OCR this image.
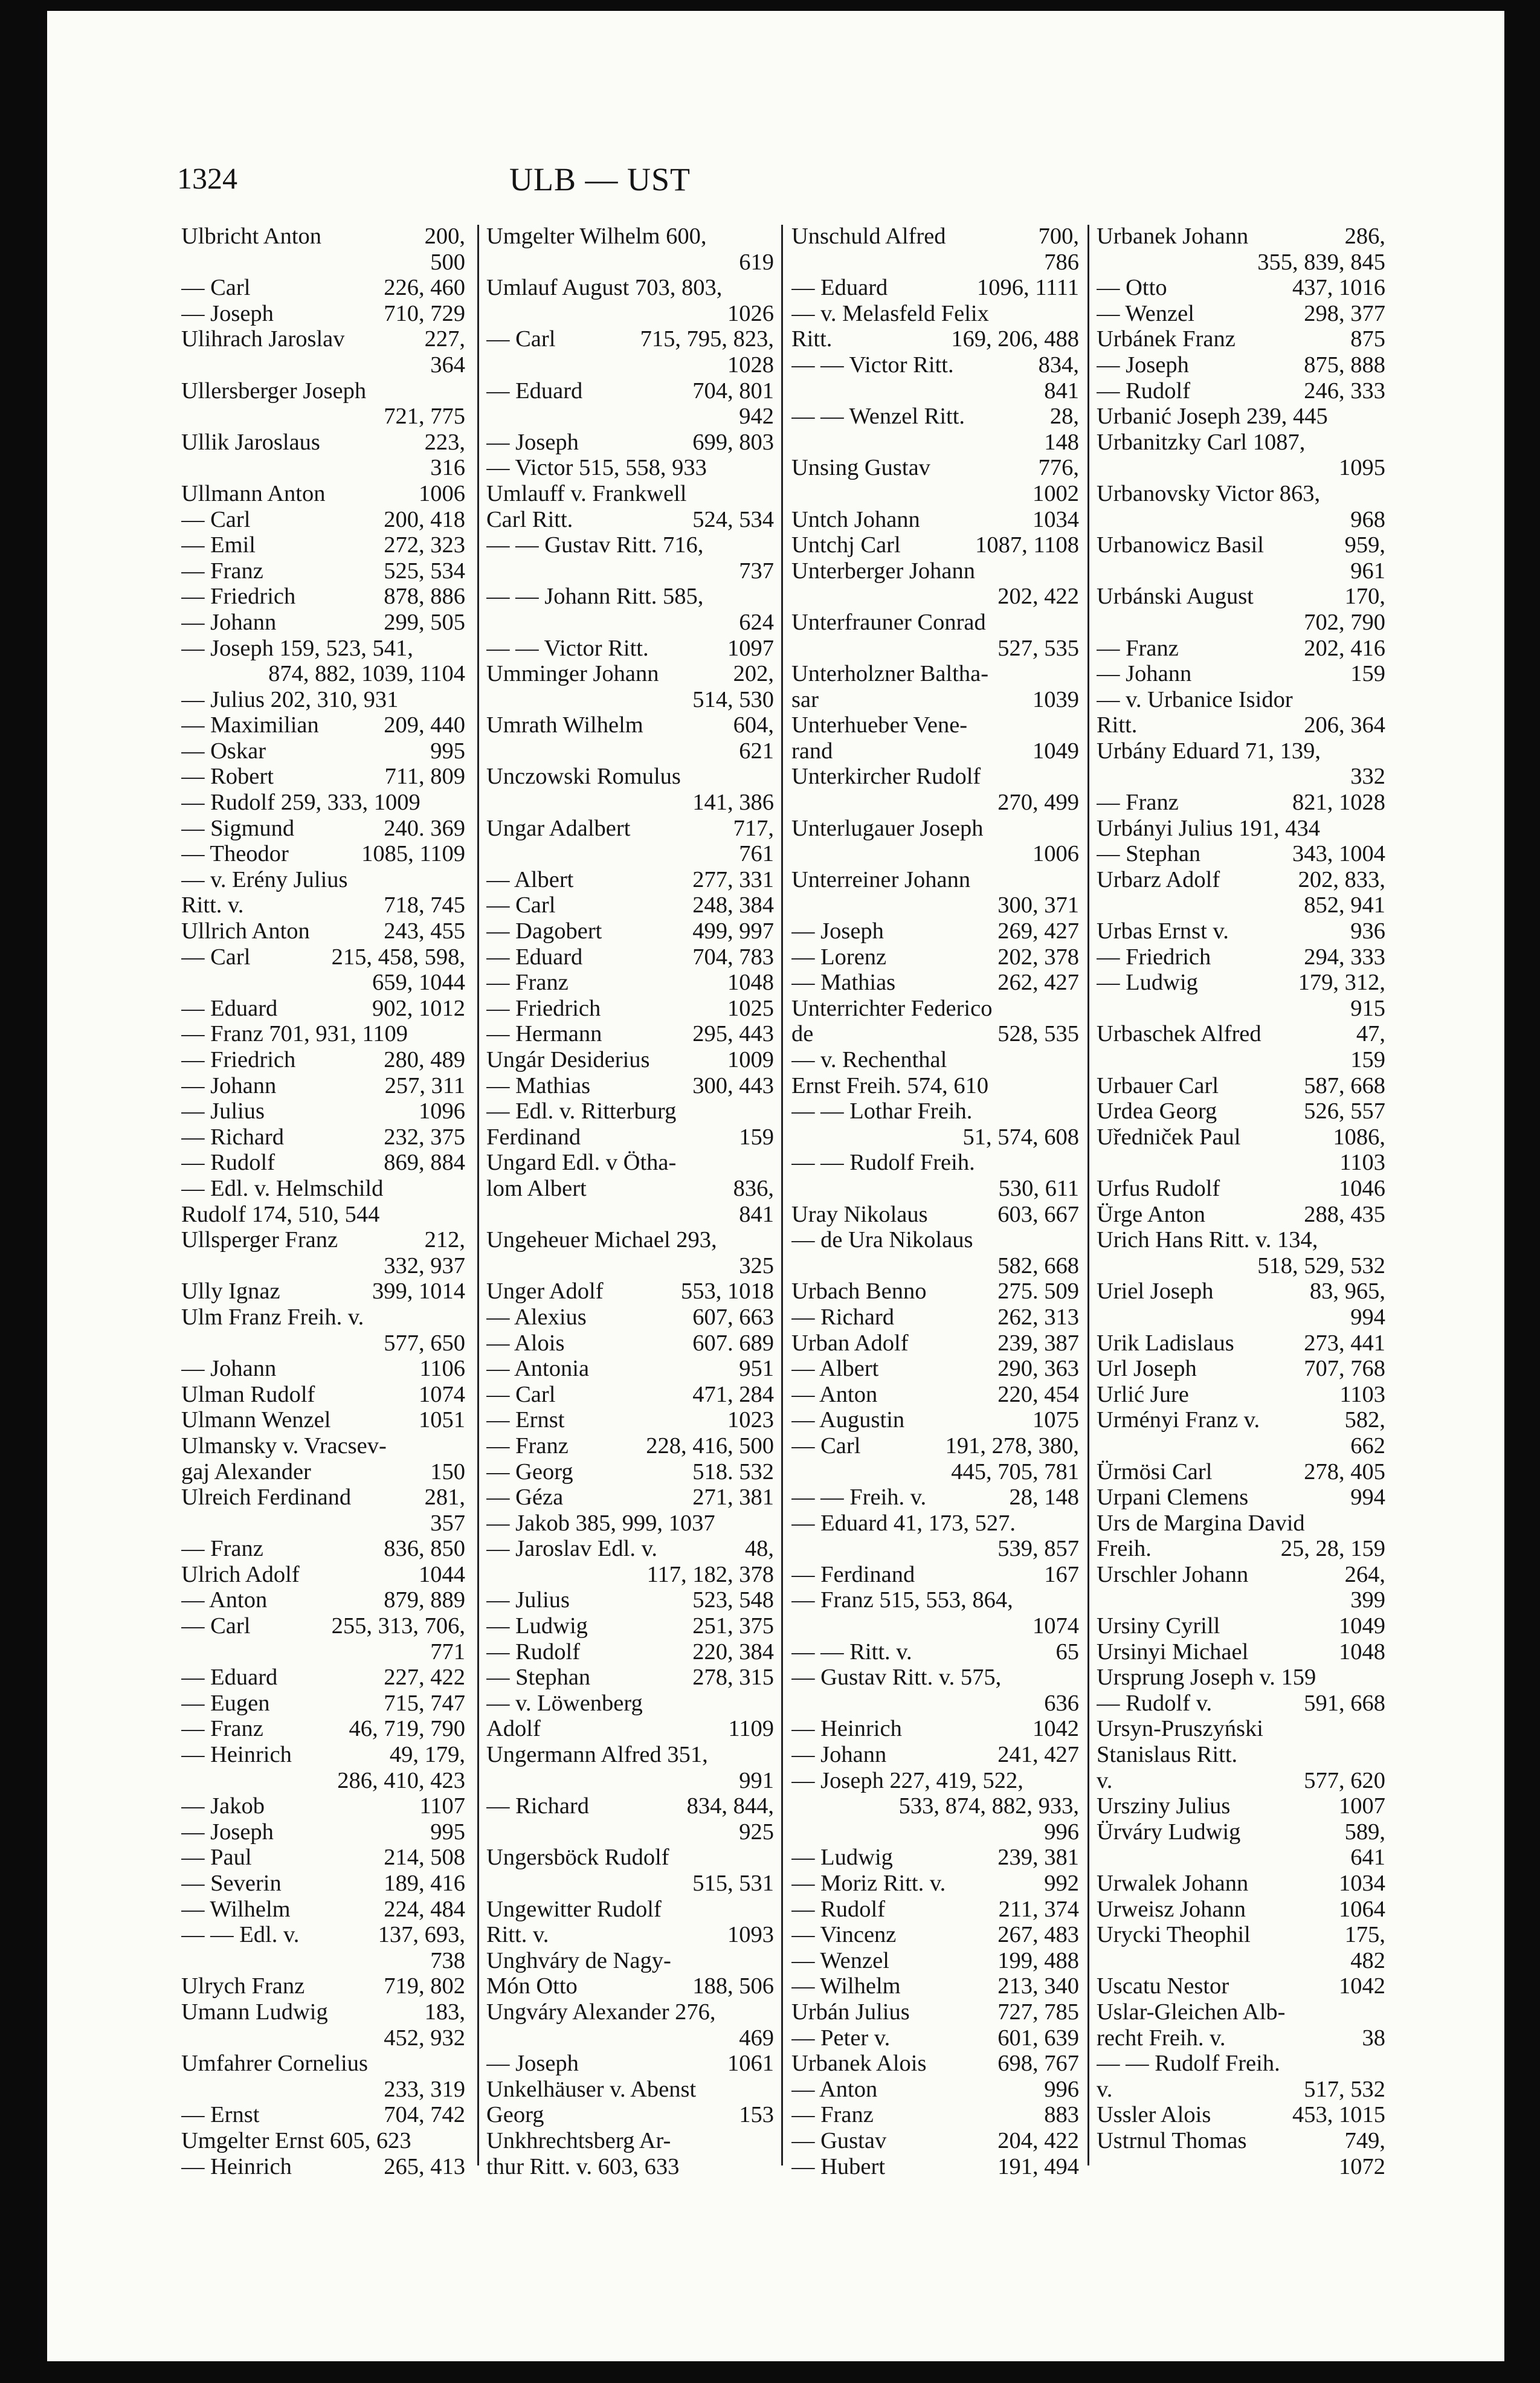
1324	ULB — UST
Ulbricht Anton	200,
500
— Carl	226, 460
— Joseph	710, 729
Ulihrach Jaroslav	227,
364
Ullersberger Joseph
721, 775
Ullik Jaroslaus	223,
316
Ullmann Anton	1006
— Carl	200, 418
— Emil	272, 323
— Franz	525, 534
— Friedrich	878, 886
— Johann	299, 505
— Joseph 159, 523, 541,
874, 882, 1039, 1104
— Julius 202, 310, 931
— Maximilian	209, 440
— Oskar	995
— Robert	711, 809
— Rudolf 259, 333, 1009
— Sigmund	240. 369
— Theodor	1085, 1109
— v. Erény Julius
Ritt. v.	718, 745
Ullrich Anton	243, 455
— Carl	215, 458, 598,
659, 1044
— Eduard	902, 1012
— Franz 701, 931, 1109
— Friedrich	280, 489
— Johann	257, 311
— Julius	1096
— Richard	232, 375
— Rudolf	869, 884
— Edl. v. Helmschild
Rudolf 174, 510, 544
Ullsperger Franz	212,
332, 937
Ully Ignaz	399, 1014
Ulm Franz Freih. v.
577, 650
— Johann	1106
Ulman Rudolf	1074
Ulmann Wenzel	1051
Ulmansky v. Vracsev-
gaj Alexander	150
Ulreich Ferdinand	281,
357
— Franz	836, 850
Ulrich Adolf	1044
— Anton	879, 889
— Carl	255, 313, 706,
771
— Eduard	227, 422
— Eugen	715, 747
— Franz	46, 719, 790
— Heinrich	49, 179,
286, 410, 423
— Jakob	1107
— Joseph	995
— Paul	214, 508
— Severin	189, 416
— Wilhelm	224, 484
— — Edl. v.	137, 693,
738
Ulrych Franz	719, 802
Umann Ludwig	183,
452, 932
Umfahrer Cornelius
233, 319
— Ernst	704, 742
Umgelter Ernst 605, 623
— Heinrich	265, 413
Umgelter Wilhelm 600,
619
Umlauf August 703, 803,
1026
— Carl	715, 795, 823,
1028
— Eduard	704, 801
942
— Joseph	699, 803
— Victor 515, 558, 933
Umlauff v. Frankwell
Carl Ritt.	524, 534
— — Gustav Ritt. 716,
737
— — Johann Ritt. 585,
624
— — Victor Ritt.	1097
Umminger Johann	202,
514, 530
Umrath Wilhelm	604,
621
Unczowski Romulus
141, 386
Ungar Adalbert	717,
761
— Albert	277, 331
— Carl	248, 384
— Dagobert	499, 997
— Eduard	704, 783
— Franz	1048
— Friedrich	1025
— Hermann	295, 443
Ungár Desiderius	1009
— Mathias	300, 443
— Edl. v. Ritterburg
Ferdinand	159
Ungard Edl. v Ötha-
lom Albert	836,
841
Ungeheuer Michael 293,
325
Unger Adolf	553, 1018
— Alexius	607, 663
— Alois	607. 689
— Antonia	951
— Carl	471, 284
— Ernst	1023
— Franz	228, 416, 500
— Georg	518. 532
— Géza	271, 381
— Jakob 385, 999, 1037
— Jaroslav Edl. v.	48,
117, 182, 378
— Julius	523, 548
— Ludwig	251, 375
— Rudolf	220, 384
— Stephan	278, 315
— v. Löwenberg
Adolf	1109
Ungermann Alfred 351,
991
— Richard	834, 844,
925
Ungersböck Rudolf
515, 531
Ungewitter Rudolf
Ritt. v.	1093
Unghváry de Nagy-
Món Otto	188, 506
Ungváry Alexander 276,
469
— Joseph	1061
Unkelhäuser v. Abenst
Georg	153
Unkhrechtsberg Ar-
thur Ritt. v. 603, 633
Unschuld Alfred	700,
786
— Eduard	1096, 1111
— v. Melasfeld Felix
Ritt.	169, 206, 488
— — Victor Ritt.	834,
841
— — Wenzel Ritt.	28,
148
Unsing Gustav	776,
1002
Untch Johann	1034
Untchj Carl	1087, 1108
Unterberger Johann
202, 422
Unterfrauner Conrad
527, 535
Unterholzner Baltha-
sar	1039
Unterhueber Vene-
rand	1049
Unterkircher Rudolf
270, 499
Unterlugauer Joseph
1006
Unterreiner Johann
300, 371
— Joseph	269, 427
— Lorenz	202, 378
— Mathias	262, 427
Unterrichter Federico
de	528, 535
— v. Rechenthal
Ernst Freih. 574, 610
— — Lothar Freih.
51, 574, 608
— — Rudolf Freih.
530, 611
Uray Nikolaus	603, 667
— de Ura Nikolaus
582, 668
Urbach Benno	275. 509
— Richard	262, 313
Urban Adolf	239, 387
— Albert	290, 363
— Anton	220, 454
— Augustin	1075
— Carl	191, 278, 380,
445, 705, 781
— — Freih. v.	28, 148
— Eduard 41, 173, 527.
539, 857
— Ferdinand	167
— Franz 515, 553, 864,
1074
— — Ritt. v.	65
— Gustav Ritt. v. 575,
636
— Heinrich	1042
— Johann	241, 427
— Joseph 227, 419, 522,
533, 874, 882, 933,
996
— Ludwig	239, 381
— Moriz Ritt. v.	992
— Rudolf	211, 374
— Vincenz	267, 483
— Wenzel	199, 488
— Wilhelm	213, 340
Urbán Julius	727, 785
— Peter v.	601, 639
Urbanek Alois	698, 767
— Anton	996
— Franz	883
— Gustav	204, 422
— Hubert	191, 494
Urbanek Johann	286,
355, 839, 845
— Otto	437, 1016
— Wenzel	298, 377
Urbánek Franz	875
— Joseph	875, 888
— Rudolf	246, 333
Urbanić Joseph 239, 445
Urbanitzky Carl 1087,
1095
Urbanovsky Victor 863,
968
Urbanowicz Basil	959,
961
Urbánski August	170,
702, 790
— Franz	202, 416
— Johann	159
— v. Urbanice Isidor
Ritt.	206, 364
Urbány Eduard 71, 139,
332
— Franz	821, 1028
Urbányi Julius 191, 434
— Stephan	343, 1004
Urbarz Adolf	202, 833,
852, 941
Urbas Ernst v.	936
— Friedrich	294, 333
— Ludwig	179, 312,
915
Urbaschek Alfred	47,
159
Urbauer Carl	587, 668
Urdea Georg	526, 557
Uředniček Paul	1086,
1103
Urfus Rudolf	1046
Ürge Anton	288, 435
Urich Hans Ritt. v. 134,
518, 529, 532
Uriel Joseph	83, 965,
994
Urik Ladislaus	273, 441
Url Joseph	707, 768
Urlić Jure	1103
Urményi Franz v.	582,
662
Ürmösi Carl	278, 405
Urpani Clemens	994
Urs de Margina David
Freih.	25, 28, 159
Urschler Johann	264,
399
Ursiny Cyrill	1049
Ursinyi Michael	1048
Ursprung Joseph v. 159
— Rudolf v.	591, 668
Ursyn-Pruszyński
Stanislaus Ritt.
v.	577, 620
Ursziny Julius	1007
Ürváry Ludwig	589,
641
Urwalek Johann	1034
Urweisz Johann	1064
Urycki Theophil	175,
482
Uscatu Nestor	1042
Uslar-Gleichen Alb-
recht Freih. v.	38
— — Rudolf Freih.
v.	517, 532
Ussler Alois	453, 1015
Ustrnul Thomas	749,
1072
